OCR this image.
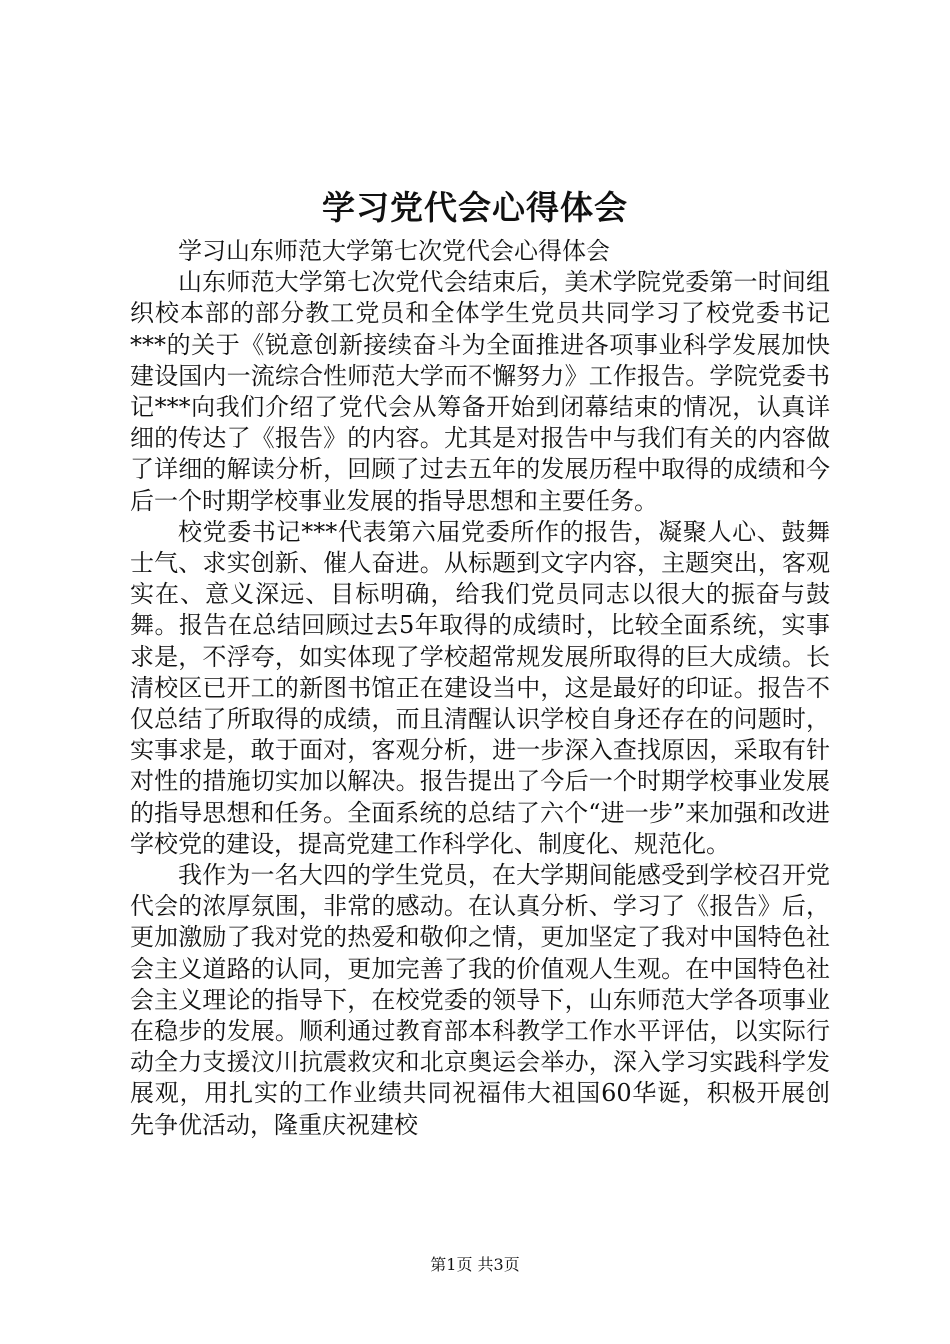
学习党代会心得体会

学习山东师范大学第七次党代会心得体会

山东师范大学第七次党代会结束后，美术学院党委第一时间组织校本部的部分教工党员和全体学生党员共同学习了校党委书记***的关于《锐意创新接续奋斗为全面推进各项事业科学发展加快建设国内一流综合性师范大学而不懈努力》工作报告。学院党委书记***向我们介绍了党代会从筹备开始到闭幕结束的情况，认真详细的传达了《报告》的内容。尤其是对报告中与我们有关的内容做了详细的解读分析，回顾了过去五年的发展历程中取得的成绩和今后一个时期学校事业发展的指导思想和主要任务。

校党委书记***代表第六届党委所作的报告，凝聚人心、鼓舞士气、求实创新、催人奋进。从标题到文字内容，主题突出，客观实在、意义深远、目标明确，给我们党员同志以很大的振奋与鼓舞。报告在总结回顾过去5年取得的成绩时，比较全面系统，实事求是，不浮夸，如实体现了学校超常规发展所取得的巨大成绩。长清校区已开工的新图书馆正在建设当中，这是最好的印证。报告不仅总结了所取得的成绩，而且清醒认识学校自身还存在的问题时，实事求是，敢于面对，客观分析，进一步深入查找原因，采取有针对性的措施切实加以解决。报告提出了今后一个时期学校事业发展的指导思想和任务。全面系统的总结了六个“进一步”来加强和改进学校党的建设，提高党建工作科学化、制度化、规范化。

我作为一名大四的学生党员，在大学期间能感受到学校召开党代会的浓厚氛围，非常的感动。在认真分析、学习了《报告》后，更加激励了我对党的热爱和敬仰之情，更加坚定了我对中国特色社会主义道路的认同，更加完善了我的价值观人生观。在中国特色社会主义理论的指导下，在校党委的领导下，山东师范大学各项事业在稳步的发展。顺利通过教育部本科教学工作水平评估，以实际行动全力支援汶川抗震救灾和北京奥运会举办，深入学习实践科学发展观，用扎实的工作业绩共同祝福伟大祖国60华诞，积极开展创先争优活动，隆重庆祝建校

第1页 共3页
